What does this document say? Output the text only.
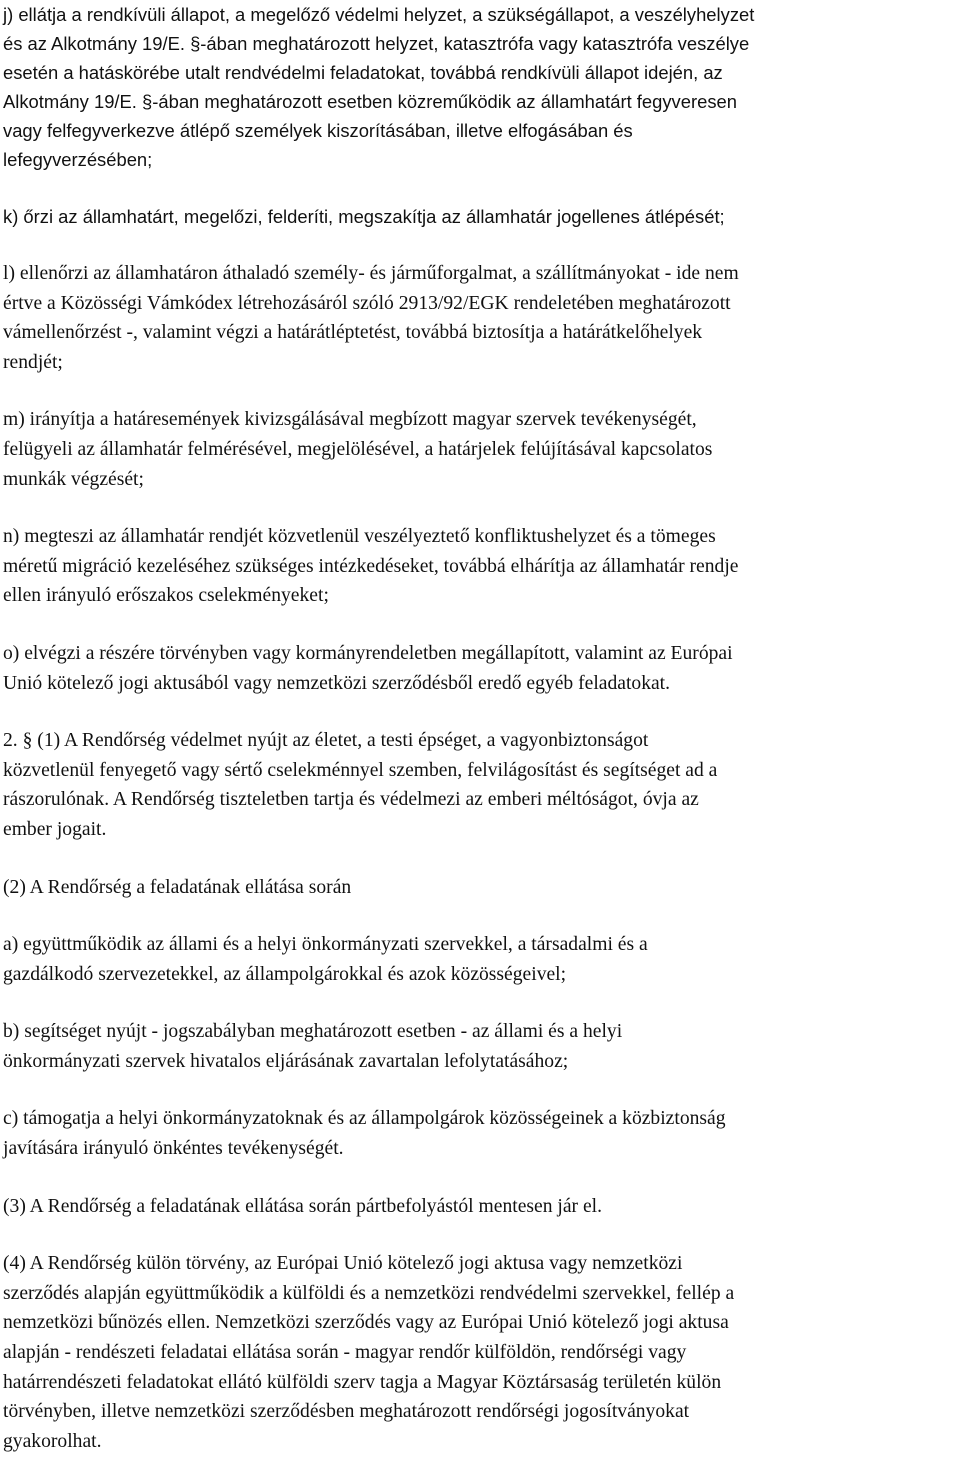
j) ellátja a rendkívüli állapot, a megelőző védelmi helyzet, a szükségállapot, a veszélyhelyzet
és az Alkotmány 19/E. §-ában meghatározott helyzet, katasztrófa vagy katasztrófa veszélye
esetén a hatáskörébe utalt rendvédelmi feladatokat, továbbá rendkívüli állapot idején, az
Alkotmány 19/E. §-ában meghatározott esetben közreműködik az államhatárt fegyveresen
vagy felfegyverkezve átlépő személyek kiszorításában, illetve elfogásában és
lefegyverzésében;

k) őrzi az államhatárt, megelőzi, felderíti, megszakítja az államhatár jogellenes átlépését;

l) ellenőrzi az államhatáron áthaladó személy- és járműforgalmat, a szállítmányokat - ide nem
értve a Közösségi Vámkódex létrehozásáról szóló 2913/92/EGK rendeletében meghatározott
vámellenőrzést -, valamint végzi a határátléptetést, továbbá biztosítja a határátkelőhelyek
rendjét;

m) irányítja a határesemények kivizsgálásával megbízott magyar szervek tevékenységét,
felügyeli az államhatár felmérésével, megjelölésével, a határjelek felújításával kapcsolatos
munkák végzését;

n) megteszi az államhatár rendjét közvetlenül veszélyeztető konfliktushelyzet és a tömeges
méretű migráció kezeléséhez szükséges intézkedéseket, továbbá elhárítja az államhatár rendje
ellen irányuló erőszakos cselekményeket;

o) elvégzi a részére törvényben vagy kormányrendeletben megállapított, valamint az Európai
Unió kötelező jogi aktusából vagy nemzetközi szerződésből eredő egyéb feladatokat.

2. § (1) A Rendőrség védelmet nyújt az életet, a testi épséget, a vagyonbiztonságot
közvetlenül fenyegető vagy sértő cselekménnyel szemben, felvilágosítást és segítséget ad a
rászorulónak. A Rendőrség tiszteletben tartja és védelmezi az emberi méltóságot, óvja az
ember jogait.

(2) A Rendőrség a feladatának ellátása során

a) együttműködik az állami és a helyi önkormányzati szervekkel, a társadalmi és a
gazdálkodó szervezetekkel, az állampolgárokkal és azok közösségeivel;

b) segítséget nyújt - jogszabályban meghatározott esetben - az állami és a helyi
önkormányzati szervek hivatalos eljárásának zavartalan lefolytatásához;

c) támogatja a helyi önkormányzatoknak és az állampolgárok közösségeinek a közbiztonság
javítására irányuló önkéntes tevékenységét.

(3) A Rendőrség a feladatának ellátása során pártbefolyástól mentesen jár el.

(4) A Rendőrség külön törvény, az Európai Unió kötelező jogi aktusa vagy nemzetközi
szerződés alapján együttműködik a külföldi és a nemzetközi rendvédelmi szervekkel, fellép a
nemzetközi bűnözés ellen. Nemzetközi szerződés vagy az Európai Unió kötelező jogi aktusa
alapján - rendészeti feladatai ellátása során - magyar rendőr külföldön, rendőrségi vagy
határrendészeti feladatokat ellátó külföldi szerv tagja a Magyar Köztársaság területén külön
törvényben, illetve nemzetközi szerződésben meghatározott rendőrségi jogosítványokat
gyakorolhat.
